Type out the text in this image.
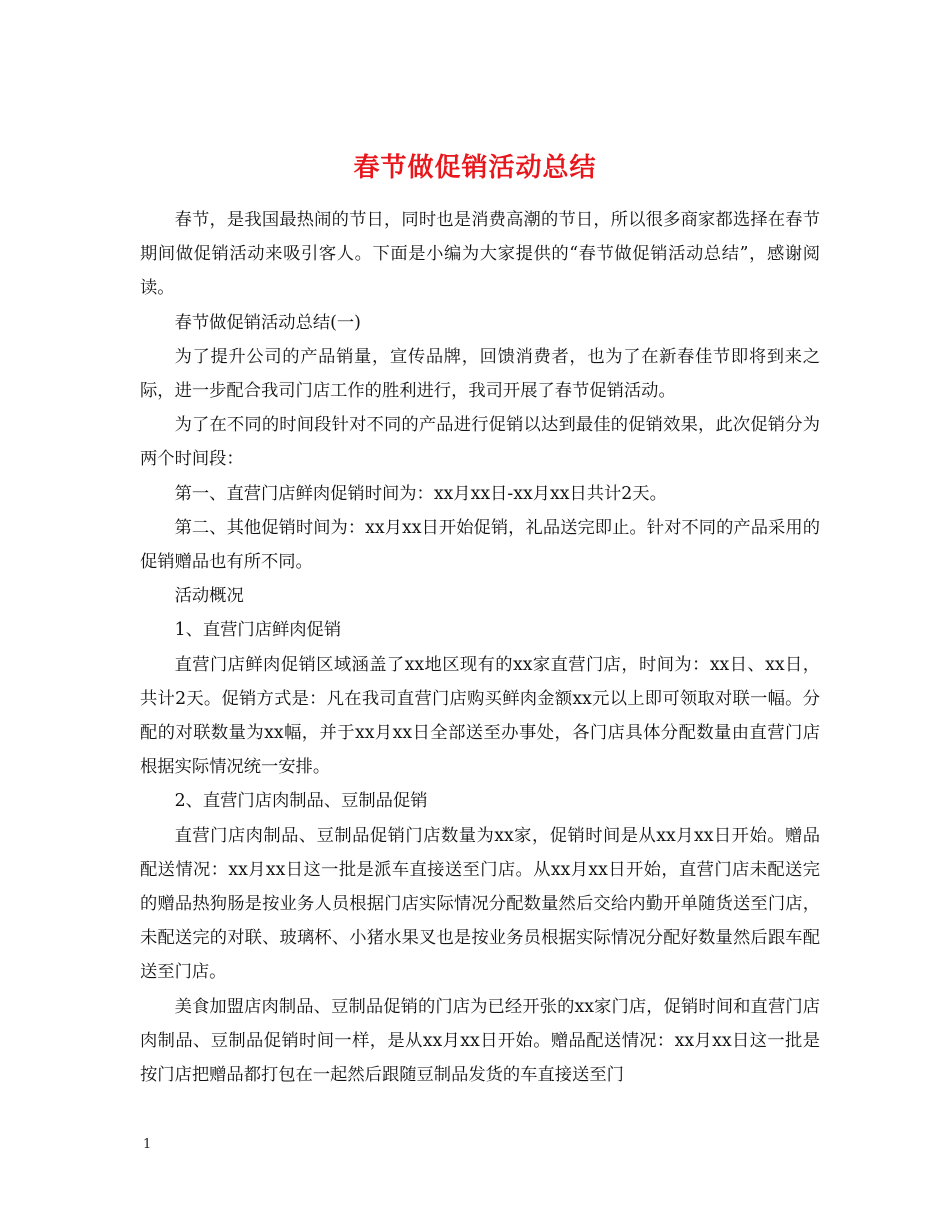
春节做促销活动总结

春节，是我国最热闹的节日，同时也是消费高潮的节日，所以很多商家都选择在春节期间做促销活动来吸引客人。下面是小编为大家提供的“春节做促销活动总结”，感谢阅读。

春节做促销活动总结(一)

为了提升公司的产品销量，宣传品牌，回馈消费者，也为了在新春佳节即将到来之际，进一步配合我司门店工作的胜利进行，我司开展了春节促销活动。

为了在不同的时间段针对不同的产品进行促销以达到最佳的促销效果，此次促销分为两个时间段：

第一、直营门店鲜肉促销时间为：xx月xx日-xx月xx日共计2天。

第二、其他促销时间为：xx月xx日开始促销，礼品送完即止。针对不同的产品采用的促销赠品也有所不同。

活动概况

1、直营门店鲜肉促销

直营门店鲜肉促销区域涵盖了xx地区现有的xx家直营门店，时间为：xx日、xx日，共计2天。促销方式是：凡在我司直营门店购买鲜肉金额xx元以上即可领取对联一幅。分配的对联数量为xx幅，并于xx月xx日全部送至办事处，各门店具体分配数量由直营门店根据实际情况统一安排。

2、直营门店肉制品、豆制品促销

直营门店肉制品、豆制品促销门店数量为xx家，促销时间是从xx月xx日开始。赠品配送情况：xx月xx日这一批是派车直接送至门店。从xx月xx日开始，直营门店未配送完的赠品热狗肠是按业务人员根据门店实际情况分配数量然后交给内勤开单随货送至门店，未配送完的对联、玻璃杯、小猪水果叉也是按业务员根据实际情况分配好数量然后跟车配送至门店。

美食加盟店肉制品、豆制品促销的门店为已经开张的xx家门店，促销时间和直营门店肉制品、豆制品促销时间一样，是从xx月xx日开始。赠品配送情况：xx月xx日这一批是按门店把赠品都打包在一起然后跟随豆制品发货的车直接送至门

1
